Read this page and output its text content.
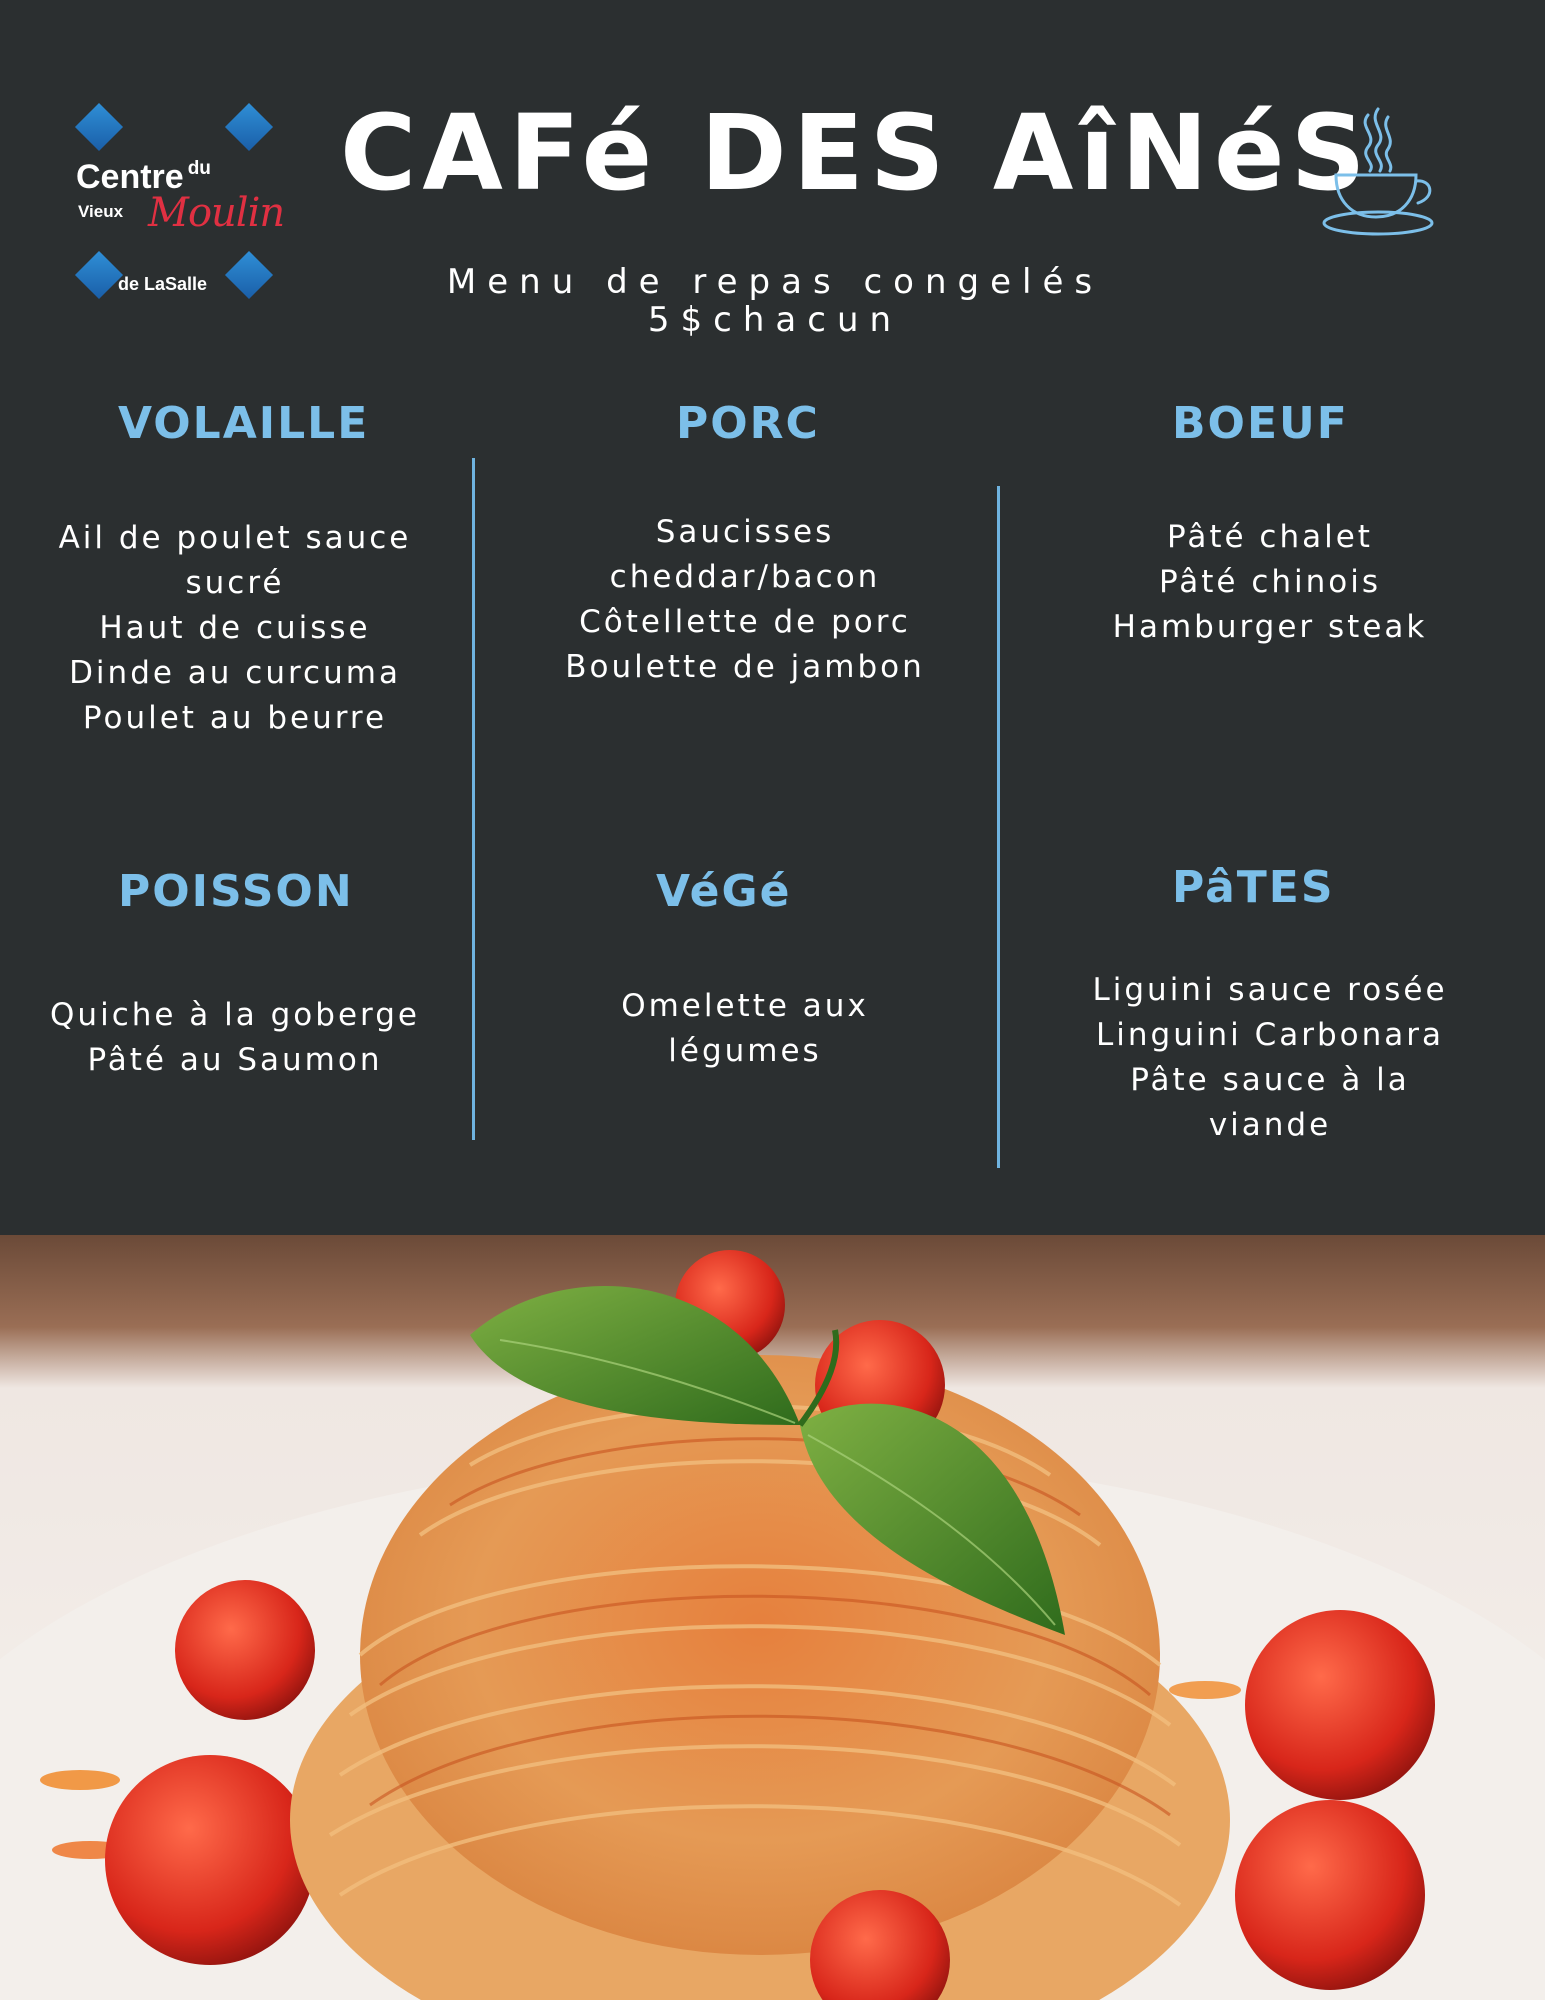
Centre $^{du}$
Vieux Moulin
de LaSalle
CAFé DES AîNéS
Menu de repas congelés
5$chacun
VOLAILLE
Ail de poulet sauce
sucré
Haut de cuisse
Dinde au curcuma
Poulet au beurre
PORC
Saucisses
cheddar/bacon
Côtellette de porc
Boulette de jambon
BOEUF
Pâté chalet
Pâté chinois
Hamburger steak
POISSON
Quiche à la goberge
Pâté au Saumon
VéGé
Omelette aux
légumes
PâTES
Liguini sauce rosée
Linguini Carbonara
Pâte sauce à la
viande
